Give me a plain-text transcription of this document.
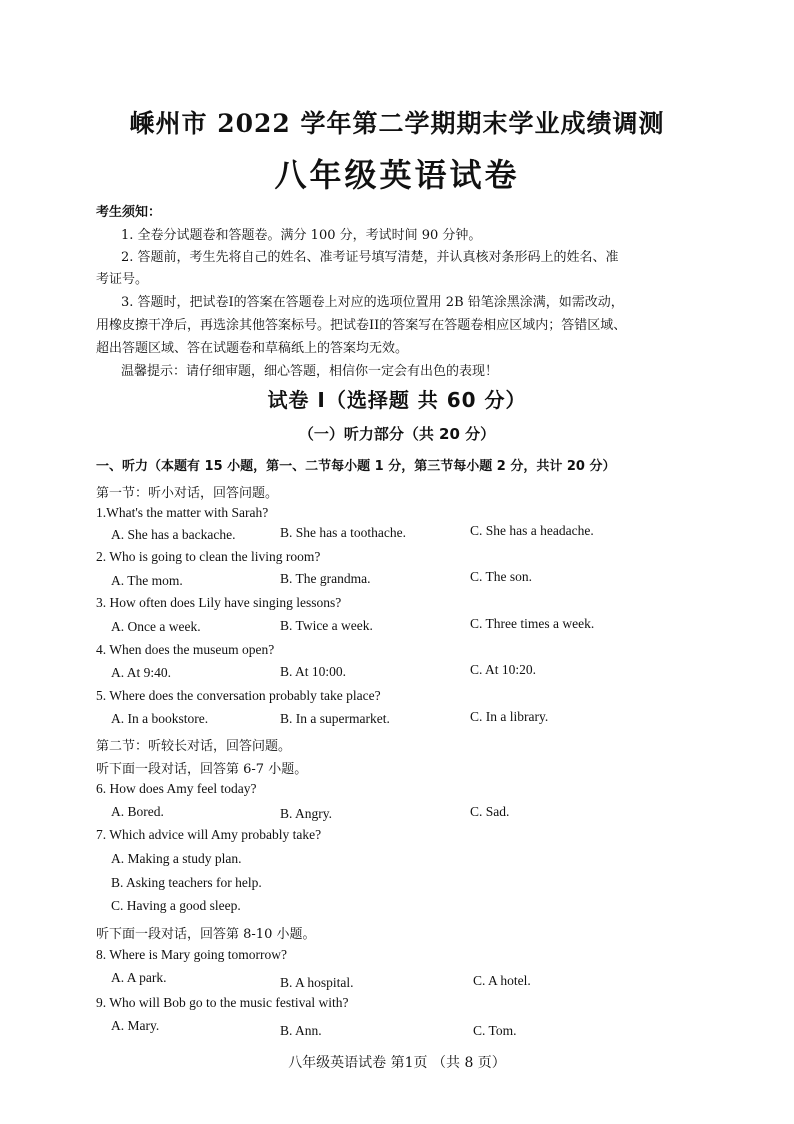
嵊州市 2022 学年第二学期期末学业成绩调测
八年级英语试卷
考生须知：
1. 全卷分试题卷和答题卷。满分 100 分，考试时间 90 分钟。
2. 答题前，考生先将自己的姓名、准考证号填写清楚，并认真核对条形码上的姓名、准
考证号。
3. 答题时，把试卷I的答案在答题卷上对应的选项位置用 2B 铅笔涂黑涂满，如需改动，
用橡皮擦干净后，再选涂其他答案标号。把试卷II的答案写在答题卷相应区域内；答错区域、
超出答题区域、答在试题卷和草稿纸上的答案均无效。
温馨提示：请仔细审题，细心答题，相信你一定会有出色的表现！
试卷 I（选择题 共 60 分）
（一）听力部分（共 20 分）
一、听力（本题有 15 小题，第一、二节每小题 1 分，第三节每小题 2 分，共计 20 分）
第一节：听小对话，回答问题。
1.What's the matter with Sarah?
A. She has a backache.	B. She has a toothache.	C. She has a headache.
2. Who is going to clean the living room?
A. The mom.	B. The grandma.	C. The son.
3. How often does Lily have singing lessons?
A. Once a week.	B. Twice a week.	C. Three times a week.
4. When does the museum open?
A. At 9:40.	B. At 10:00.	C. At 10:20.
5. Where does the conversation probably take place?
A. In a bookstore.	B. In a supermarket.	C. In a library.
第二节：听较长对话，回答问题。
听下面一段对话，回答第 6-7 小题。
6. How does Amy feel today?
A. Bored.	B. Angry.	C. Sad.
7. Which advice will Amy probably take?
A. Making a study plan.
B. Asking teachers for help.
C. Having a good sleep.
听下面一段对话，回答第 8-10 小题。
8. Where is Mary going tomorrow?
A. A park.	B. A hospital.	C. A hotel.
9. Who will Bob go to the music festival with?
A. Mary.	B. Ann.	C. Tom.
八年级英语试卷 第1页 （共 8 页）
